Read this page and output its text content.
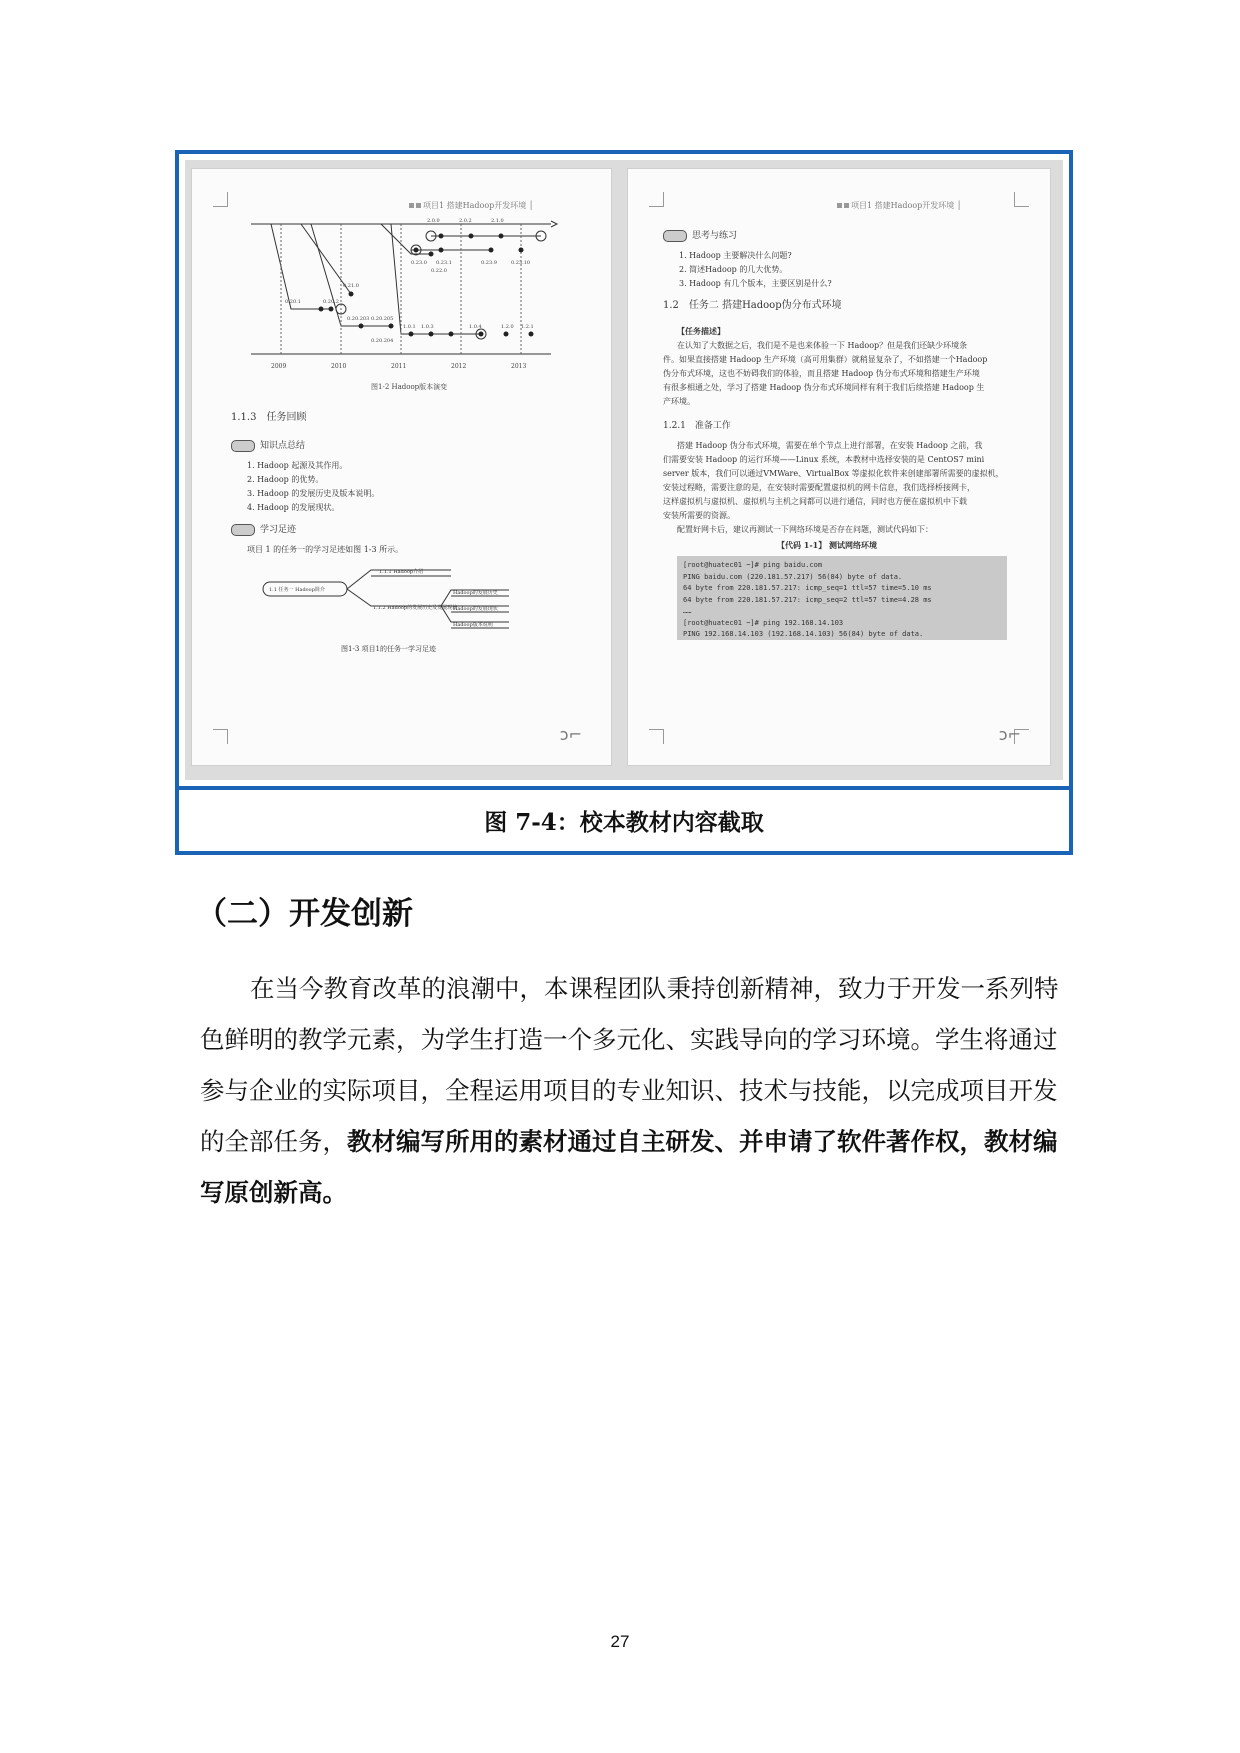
项目1 搭建Hadoop开发环境 │
2.0.0	2.0.2	2.1.0
0.23.0 0.23.1	0.23.9	0.23.10
0.22.0
0.21.0
0.20.1	0.20.2
0.20.203 0.20.205
0.20.204
1.0.1 1.0.3	1.0.4	1.2.0 1.2.1
2009	2010	2011	2012	2013
图1-2 Hadoop版本演变
1.1.3　任务回顾
知识点总结
1. Hadoop 起源及其作用。
2. Hadoop 的优势。
3. Hadoop 的发展历史及版本说明。
4. Hadoop 的发展现状。
学习足迹
项目 1 的任务一的学习足迹如图 1-3 所示。
1.1 任务一 Hadoop简介
1.1.1 Hadoop介绍
1.1.2 Hadoop的发展历史及发展现状
Hadoop的发展历史
Hadoop的发展现状
Hadoop版本说明
图1-3 项目1的任务一学习足迹
ↄ⌐
项目1 搭建Hadoop开发环境 │
思考与练习
1. Hadoop 主要解决什么问题?
2. 简述Hadoop 的几大优势。
3. Hadoop 有几个版本，主要区别是什么?
1.2　任务二 搭建Hadoop伪分布式环境
【任务描述】
在认知了大数据之后，我们是不是也来体验一下 Hadoop？但是我们还缺少环境条
件。如果直接搭建 Hadoop 生产环境（高可用集群）就稍显复杂了，不如搭建一个Hadoop
伪分布式环境，这也不妨碍我们的体验，而且搭建 Hadoop 伪分布式环境和搭建生产环境
有很多相通之处，学习了搭建 Hadoop 伪分布式环境同样有利于我们后续搭建 Hadoop 生
产环境。
1.2.1　准备工作
搭建 Hadoop 伪分布式环境，需要在单个节点上进行部署，在安装 Hadoop 之前，我
们需要安装 Hadoop 的运行环境——Linux 系统，本教材中选择安装的是 CentOS7 mini
server 版本，我们可以通过VMWare、VirtualBox 等虚拟化软件来创建部署所需要的虚拟机，
安装过程略，需要注意的是，在安装时需要配置虚拟机的网卡信息，我们选择桥接网卡，
这样虚拟机与虚拟机、虚拟机与主机之间都可以进行通信，同时也方便在虚拟机中下载
安装所需要的资源。
配置好网卡后，建议再测试一下网络环境是否存在问题，测试代码如下：
【代码 1-1】 测试网络环境
[root@huatec01 ~]# ping baidu.com
PING baidu.com (220.181.57.217) 56(84) byte of data.
64 byte from 220.181.57.217: icmp_seq=1 ttl=57 time=5.10 ms
64 byte from 220.181.57.217: icmp_seq=2 ttl=57 time=4.28 ms
……
[root@huatec01 ~]# ping 192.168.14.103
PING 192.168.14.103 (192.168.14.103) 56(84) byte of data.
ↄ⌐
图 7-4：校本教材内容截取
（二）开发创新
在当今教育改革的浪潮中，本课程团队秉持创新精神，致力于开发一系列特色鲜明的教学元素，为学生打造一个多元化、实践导向的学习环境。学生将通过参与企业的实际项目，全程运用项目的专业知识、技术与技能，以完成项目开发的全部任务，教材编写所用的素材通过自主研发、并申请了软件著作权，教材编写原创新高。
27
